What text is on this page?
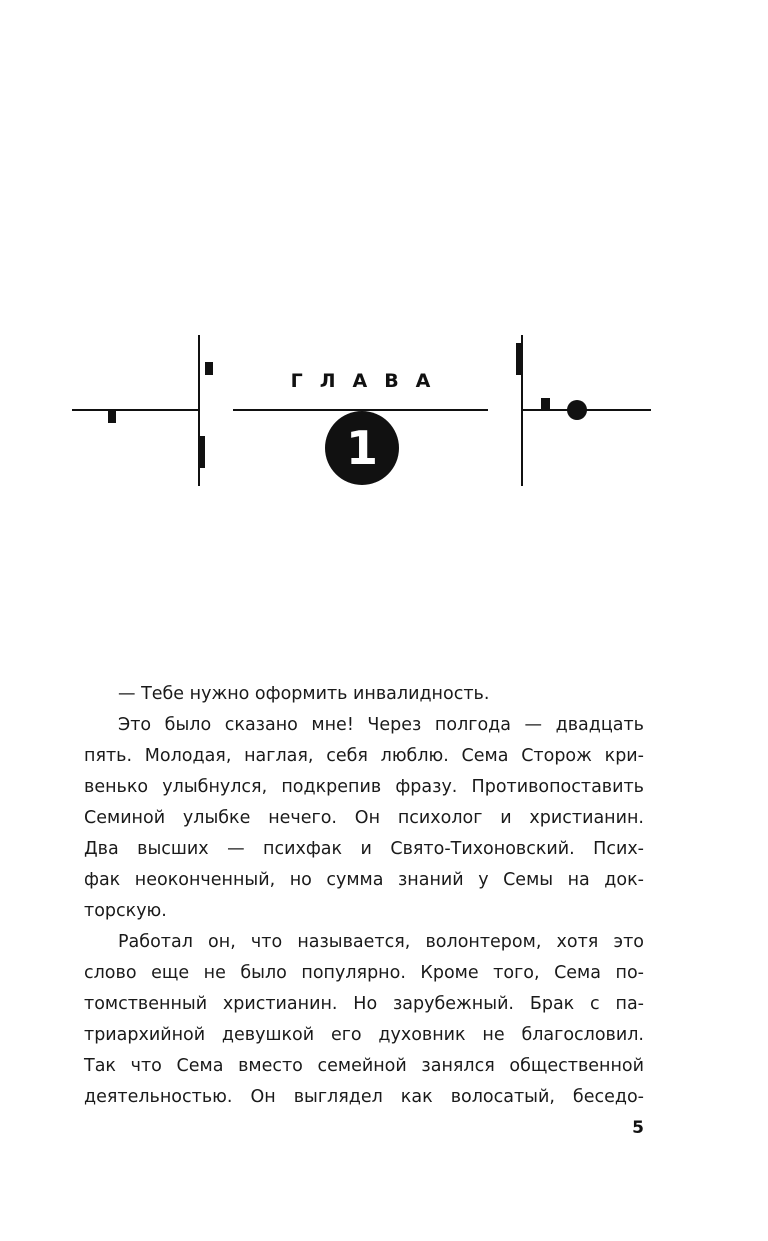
ГЛАВА
1

— Тебе нужно оформить инвалидность.

Это было сказано мне! Через полгода — двадцать
пять. Молодая, наглая, себя люблю. Сема Сторож кри-
венько улыбнулся, подкрепив фразу. Противопоставить
Семиной улыбке нечего. Он психолог и христианин.
Два высших — психфак и Свято-Тихоновский. Псих-
фак неоконченный, но сумма знаний у Семы на док-
торскую.

Работал он, что называется, волонтером, хотя это
слово еще не было популярно. Кроме того, Сема по-
томственный христианин. Но зарубежный. Брак с па-
триархийной девушкой его духовник не благословил.
Так что Сема вместо семейной занялся общественной
деятельностью. Он выглядел как волосатый, беседо-

5
